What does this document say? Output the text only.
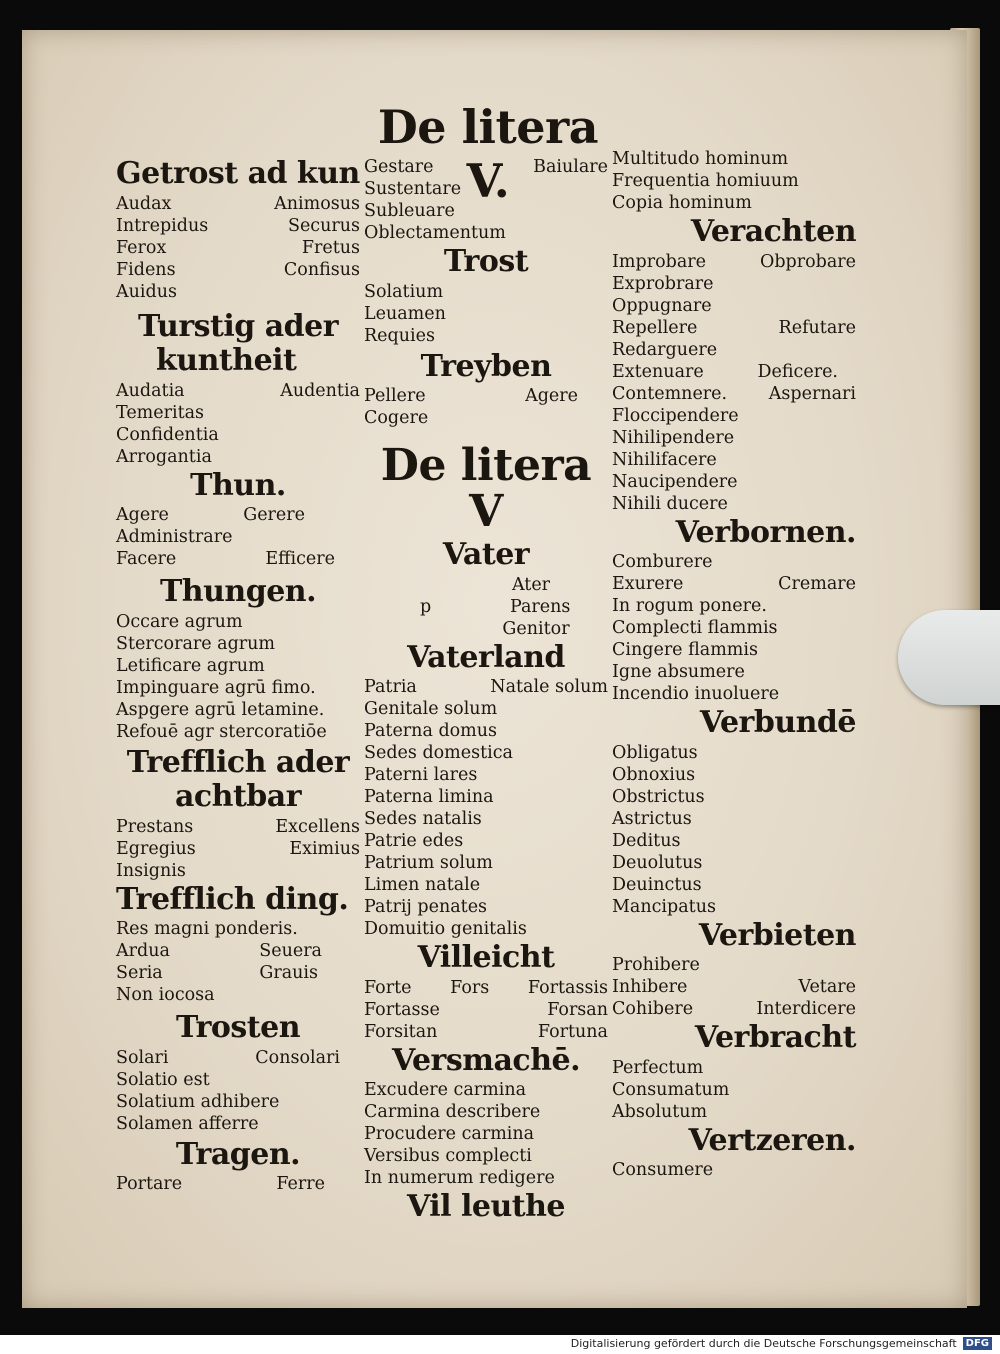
De litera V.
Getrost ad kun
Audax	Animosus
Intrepidus	Securus
Ferox	Fretus
Fidens	Confisus
Auidus
Turstig ader
kuntheit
Audatia	Audentia
Temeritas
Confidentia
Arrogantia
Thun.
Agere	Gerere
Administrare
Facere	Efficere
Thungen.
Occare agrum
Stercorare agrum
Letificare agrum
Impinguare agrū fimo.
Aspgere agrū letamine.
Refouē agr stercoratiōe
Trefflich ader
achtbar
Prestans	Excellens
Egregius	Eximius
Insignis
Trefflich ding.
Res magni ponderis.
Ardua	Seuera
Seria	Grauis
Non iocosa
Trosten
Solari	Consolari
Solatio est
Solatium adhibere
Solamen afferre
Tragen.
Portare	Ferre
Gestare	Baiulare
Sustentare
Subleuare
Oblectamentum
Trost
Solatium
Leuamen
Requies
Treyben
Pellere	Agere
Cogere
De litera V
Vater
Ater
p	Parens
Genitor
Vaterland
Patria	Natale solum
Genitale solum
Paterna domus
Sedes domestica
Paterni lares
Paterna limina
Sedes natalis
Patrie edes
Patrium solum
Limen natale
Patrij penates
Domuitio genitalis
Villeicht
Forte Fors Fortassis
Fortasse	Forsan
Forsitan	Fortuna
Versmachē.
Excudere carmina
Carmina describere
Procudere carmina
Versibus complecti
In numerum redigere
Vil leuthe
Multitudo hominum
Frequentia homiuum
Copia hominum
Verachten
Improbare	Obprobare
Exprobrare
Oppugnare
Repellere	Refutare
Redarguere
Extenuare	Deficere.
Contemnere. Aspernari
Floccipendere
Nihilipendere
Nihilifacere
Naucipendere
Nihili ducere
Verbornen.
Comburere
Exurere	Cremare
In rogum ponere.
Complecti flammis
Cingere flammis
Igne absumere
Incendio inuoluere
Verbundē
Obligatus
Obnoxius
Obstrictus
Astrictus
Deditus
Deuolutus
Deuinctus
Mancipatus
Verbieten
Prohibere
Inhibere	Vetare
Cohibere	Interdicere
Verbracht
Perfectum
Consumatum
Absolutum
Vertzeren.
Consumere
Digitalisierung gefördert durch die Deutsche Forschungsgemeinschaft DFG
